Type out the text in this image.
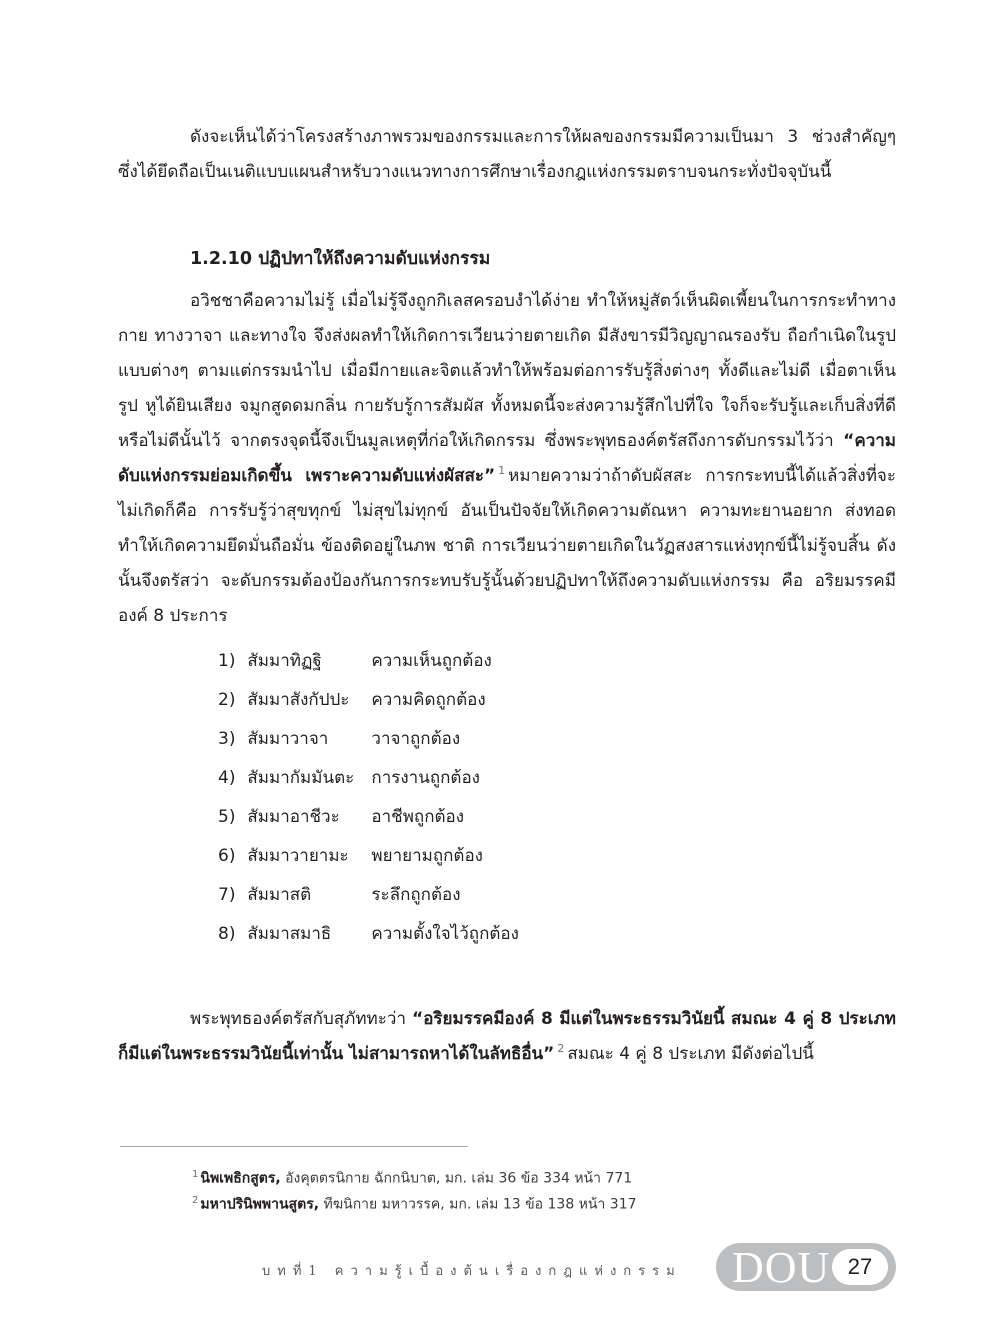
ดังจะเห็นได้ว่าโครงสร้างภาพรวมของกรรมและการให้ผลของกรรมมีความเป็นมา 3 ช่วงสำคัญๆ ซึ่งได้ยึดถือเป็นเนติแบบแผนสำหรับวางแนวทางการศึกษาเรื่องกฎแห่งกรรมตราบจนกระทั่งปัจจุบันนี้

1.2.10 ปฏิปทาให้ถึงความดับแห่งกรรม

อวิชชาคือความไม่รู้ เมื่อไม่รู้จึงถูกกิเลสครอบงำได้ง่าย ทำให้หมู่สัตว์เห็นผิดเพี้ยนในการกระทำทาง กาย ทางวาจา และทางใจ จึงส่งผลทำให้เกิดการเวียนว่ายตายเกิด มีสังขารมีวิญญาณรองรับ ถือกำเนิดในรูปแบบต่างๆ ตามแต่กรรมนำไป เมื่อมีกายและจิตแล้วทำให้พร้อมต่อการรับรู้สิ่งต่างๆ ทั้งดีและไม่ดี เมื่อตาเห็นรูป หูได้ยินเสียง จมูกสูดดมกลิ่น กายรับรู้การสัมผัส ทั้งหมดนี้จะส่งความรู้สึกไปที่ใจ ใจก็จะรับรู้และเก็บสิ่งที่ดีหรือไม่ดีนั้นไว้ จากตรงจุดนี้จึงเป็นมูลเหตุที่ก่อให้เกิดกรรม ซึ่งพระพุทธองค์ตรัสถึงการดับกรรมไว้ว่า “ความดับแห่งกรรมย่อมเกิดขึ้น เพราะความดับแห่งผัสสะ” $^1$ หมายความว่าถ้าดับผัสสะ การกระทบนี้ได้แล้วสิ่งที่จะไม่เกิดก็คือ การรับรู้ว่าสุขทุกข์ ไม่สุขไม่ทุกข์ อันเป็นปัจจัยให้เกิดความตัณหา ความทะยานอยาก ส่งทอดทำให้เกิดความยึดมั่นถือมั่น ข้องติดอยู่ในภพ ชาติ การเวียนว่ายตายเกิดในวัฏสงสารแห่งทุกข์นี้ไม่รู้จบสิ้น ดังนั้นจึงตรัสว่า จะดับกรรมต้องป้องกันการกระทบรับรู้นั้นด้วยปฏิปทาให้ถึงความดับแห่งกรรม คือ อริยมรรคมีองค์ 8 ประการ

1) สัมมาทิฏฐิ	ความเห็นถูกต้อง
2) สัมมาสังกัปปะ ความคิดถูกต้อง
3) สัมมาวาจา	วาจาถูกต้อง
4) สัมมากัมมันตะ การงานถูกต้อง
5) สัมมาอาชีวะ อาชีพถูกต้อง
6) สัมมาวายามะ พยายามถูกต้อง
7) สัมมาสติ	ระลึกถูกต้อง
8) สัมมาสมาธิ ความตั้งใจไว้ถูกต้อง

พระพุทธองค์ตรัสกับสุภัททะว่า “อริยมรรคมีองค์ 8 มีแต่ในพระธรรมวินัยนี้ สมณะ 4 คู่ 8 ประเภท ก็มีแต่ในพระธรรมวินัยนี้เท่านั้น ไม่สามารถหาได้ในลัทธิอื่น” $^2$ สมณะ 4 คู่ 8 ประเภท มีดังต่อไปนี้

$^1$ นิพเพธิกสูตร, อังคุตตรนิกาย ฉักกนิบาต, มก. เล่ม 36 ข้อ 334 หน้า 771

$^2$ มหาปรินิพพานสูตร, ทีฆนิกาย มหาวรรค, มก. เล่ม 13 ข้อ 138 หน้า 317

บทที่1 ความรู้เบื้องต้นเรื่องกฎแห่งกรรม DOU 27
